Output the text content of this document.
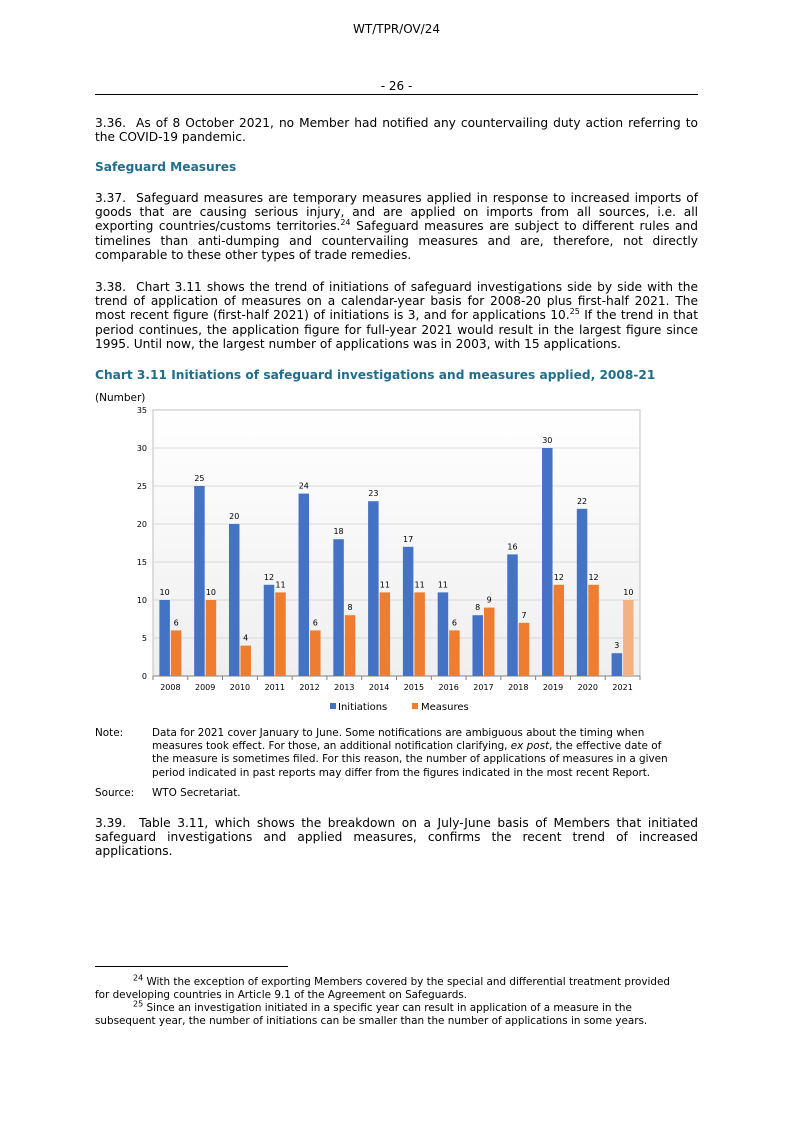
WT/TPR/OV/24
- 26 -
3.36. As of 8 October 2021, no Member had notified any countervailing duty action referring to the COVID-19 pandemic.
Safeguard Measures
3.37. Safeguard measures are temporary measures applied in response to increased imports of goods that are causing serious injury, and are applied on imports from all sources, i.e. all exporting countries/customs territories.$^{24}$ Safeguard measures are subject to different rules and timelines than anti-dumping and countervailing measures and are, therefore, not directly comparable to these other types of trade remedies.
3.38. Chart 3.11 shows the trend of initiations of safeguard investigations side by side with the trend of application of measures on a calendar-year basis for 2008-20 plus first-half 2021. The most recent figure (first-half 2021) of initiations is 3, and for applications 10.25 If the trend in that period continues, the application figure for full-year 2021 would result in the largest figure since 1995. Until now, the largest number of applications was in 2003, with 15 applications.
Chart 3.11 Initiations of safeguard investigations and measures applied, 2008-21
(Number)
0
5
10
15
20
25
30
35
2008
10
6
2009
25
10
2010
20
4
2011
12
11
2012
24
6
2013
18
8
2014
23
11
2015
17
11
2016
11
6
2017
8
9
2018
16
7
2019
30
12
2020
22
12
2021
3
10
Initiations	Measures
Note:	Data for 2021 cover January to June. Some notifications are ambiguous about the timing when
measures took effect. For those, an additional notification clarifying, ex post, the effective date of
the measure is sometimes filed. For this reason, the number of applications of measures in a given
period indicated in past reports may differ from the figures indicated in the most recent Report.
Source:	WTO Secretariat.
3.39. Table 3.11, which shows the breakdown on a July-June basis of Members that initiated safeguard investigations and applied measures, confirms the recent trend of increased applications.
$^{24}$ With the exception of exporting Members covered by the special and differential treatment provided
for developing countries in Article 9.1 of the Agreement on Safeguards.
$^{25}$ Since an investigation initiated in a specific year can result in application of a measure in the
subsequent year, the number of initiations can be smaller than the number of applications in some years.
